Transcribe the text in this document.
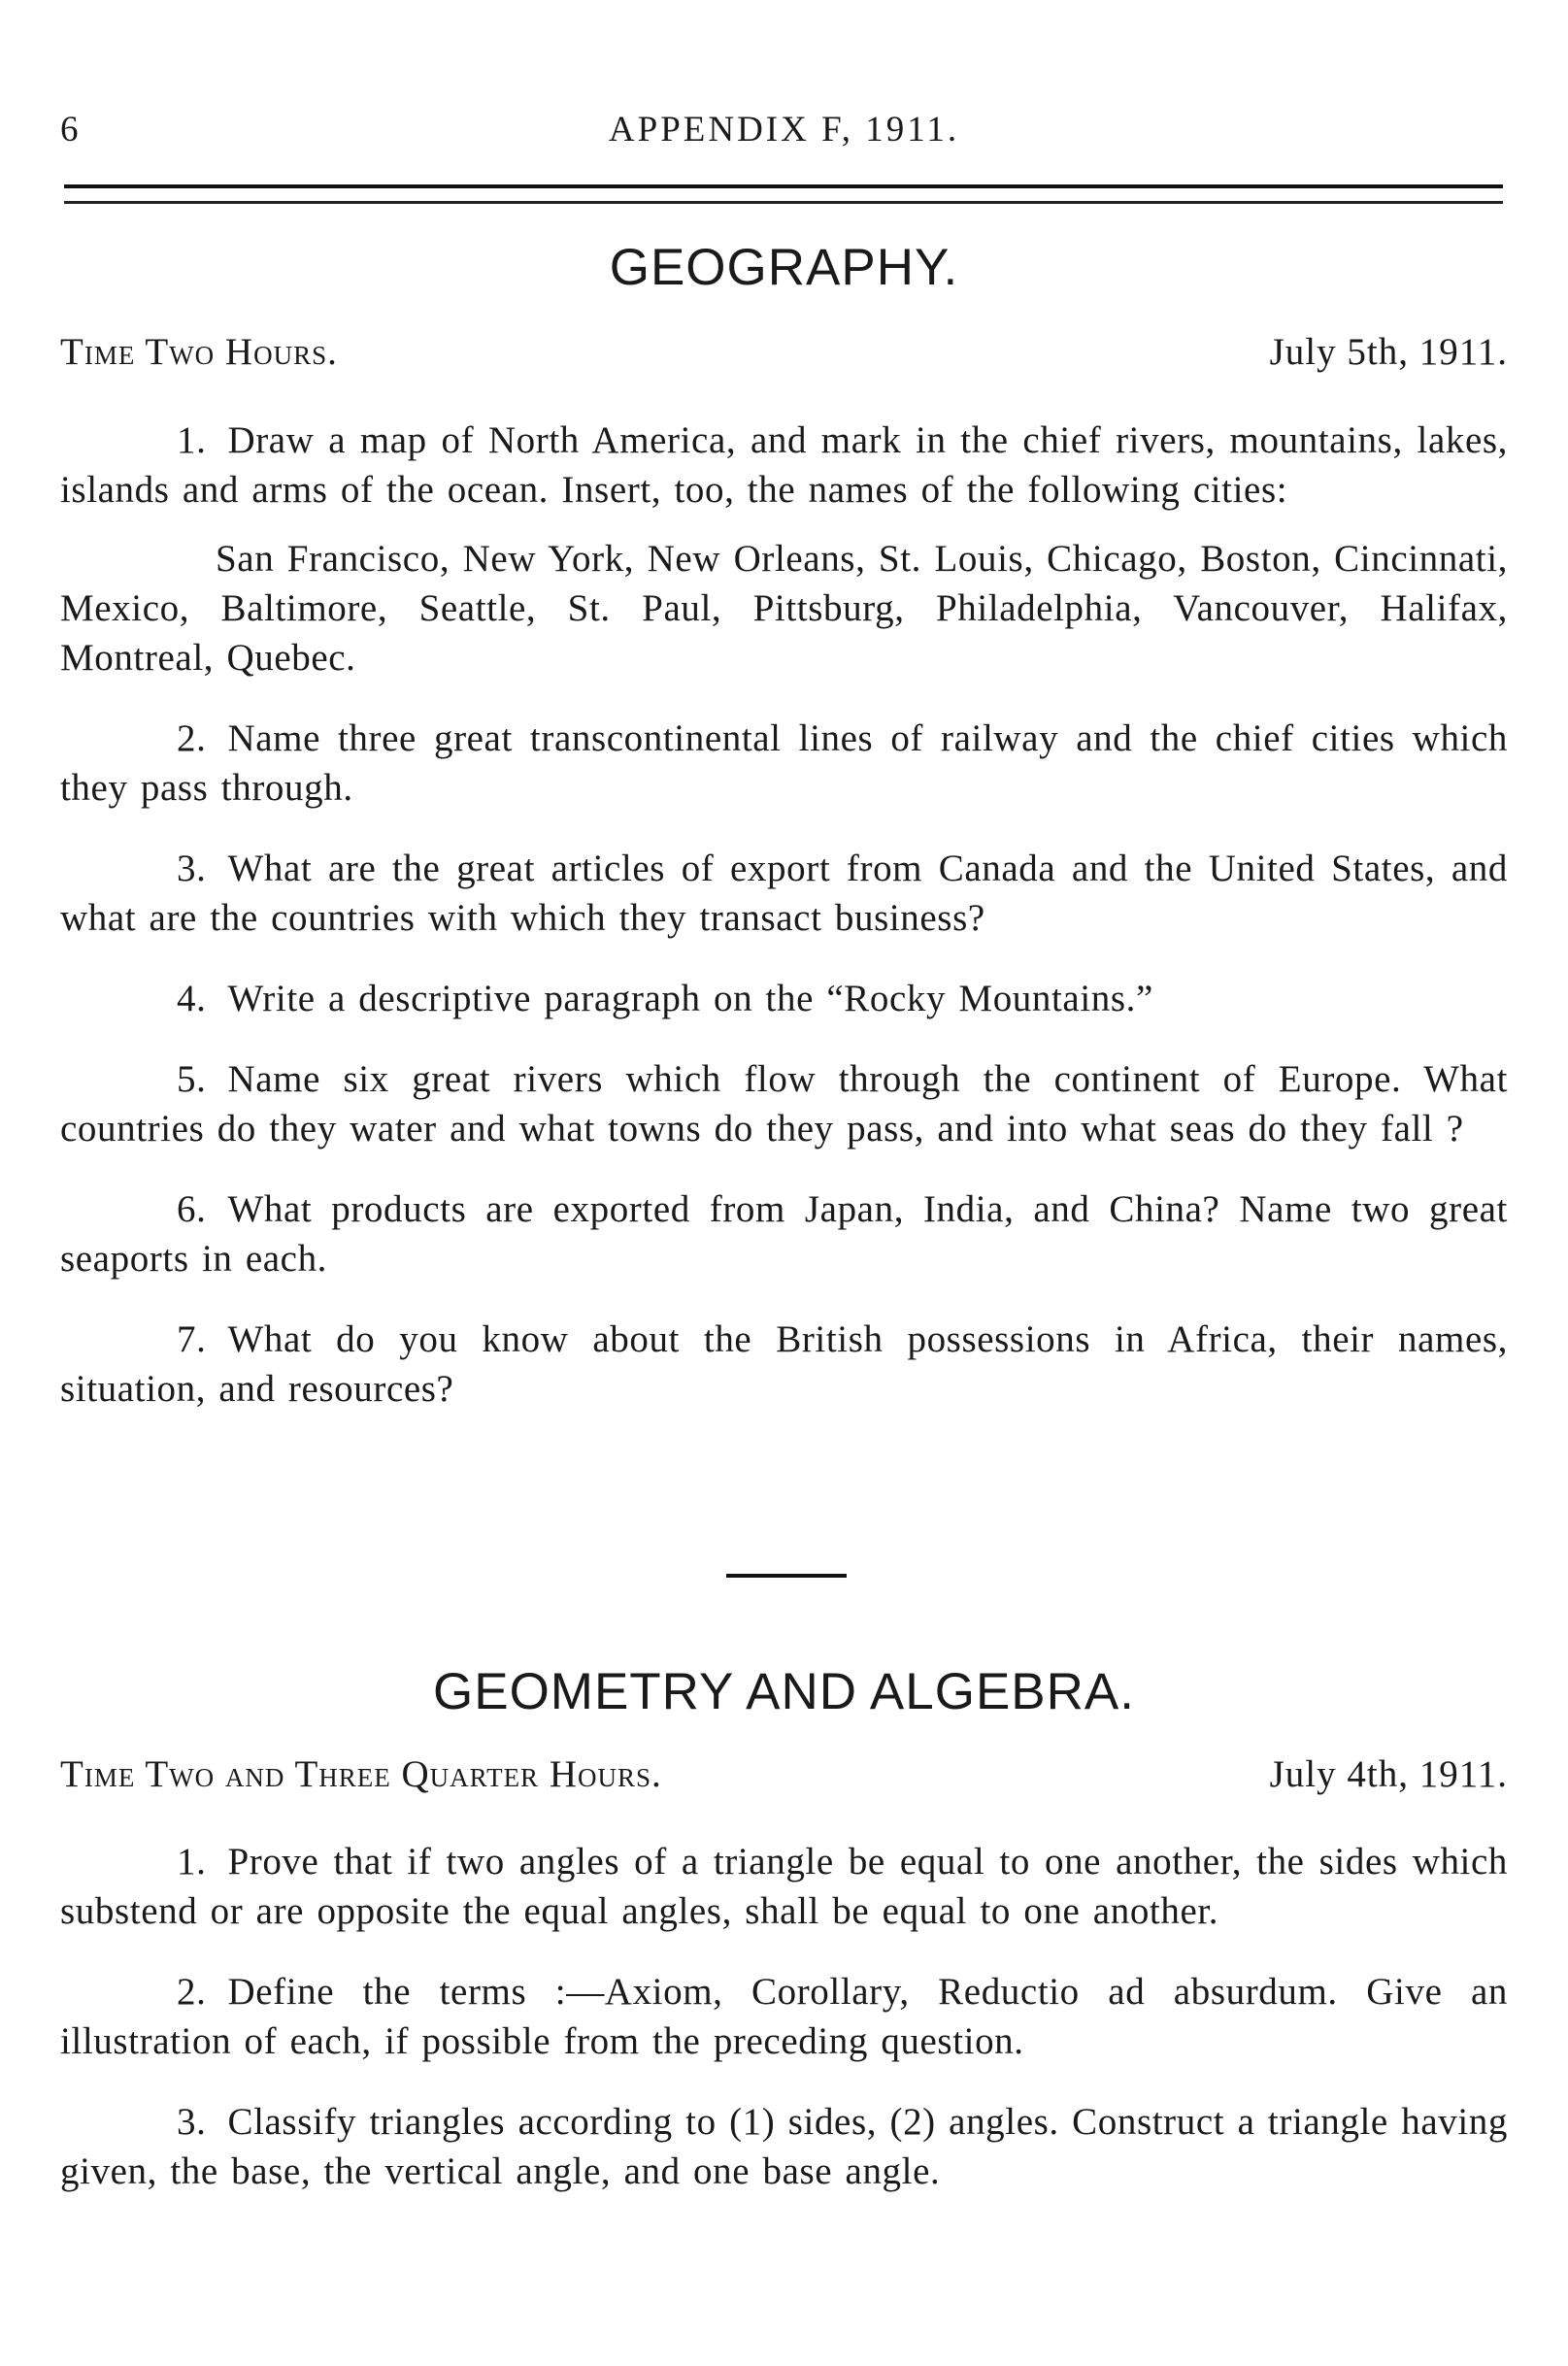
6	APPENDIX F, 1911.
GEOGRAPHY.
Time Two Hours.	July 5th, 1911.

1. Draw a map of North America, and mark in the chief rivers, mountains, lakes, islands and arms of the ocean. Insert, too, the names of the following cities:

San Francisco, New York, New Orleans, St. Louis, Chicago, Boston, Cincinnati, Mexico, Baltimore, Seattle, St. Paul, Pittsburg, Philadelphia, Vancouver, Halifax, Montreal, Quebec.

2. Name three great transcontinental lines of railway and the chief cities which they pass through.

3. What are the great articles of export from Canada and the United States, and what are the countries with which they transact business?

4. Write a descriptive paragraph on the “Rocky Mountains.”

5. Name six great rivers which flow through the continent of Europe. What countries do they water and what towns do they pass, and into what seas do they fall ?

6. What products are exported from Japan, India, and China? Name two great seaports in each.

7. What do you know about the British possessions in Africa, their names, situation, and resources?

GEOMETRY AND ALGEBRA.
Time Two and Three Quarter Hours.	July 4th, 1911.

1. Prove that if two angles of a triangle be equal to one another, the sides which substend or are opposite the equal angles, shall be equal to one another.

2. Define the terms :—Axiom, Corollary, Reductio ad absurdum. Give an illustration of each, if possible from the preceding question.

3. Classify triangles according to (1) sides, (2) angles. Construct a triangle having given, the base, the vertical angle, and one base angle.
